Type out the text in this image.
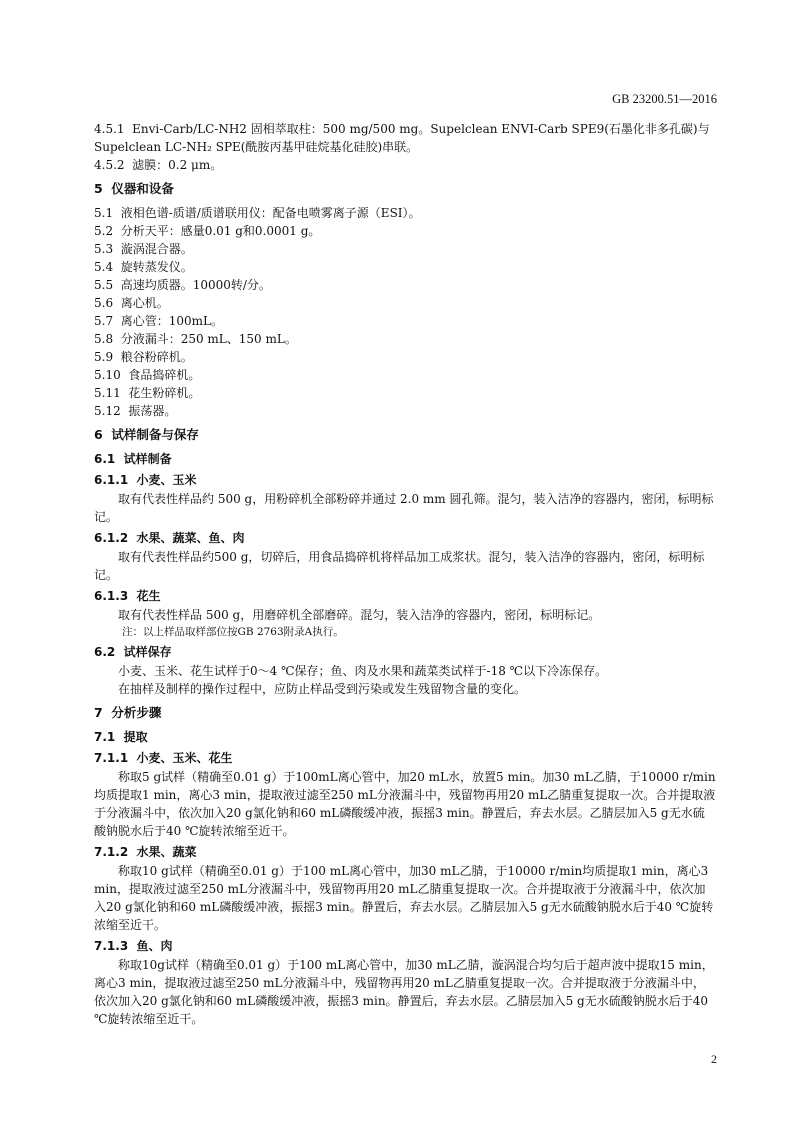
GB 23200.51—2016
4.5.1  Envi-Carb/LC-NH2 固相萃取柱：500 mg/500 mg。Supelclean ENVI-Carb SPE9(石墨化非多孔碳)与Supelclean LC-NH₂ SPE(酰胺丙基甲硅烷基化硅胶)串联。
4.5.2  滤膜：0.2 μm。
5  仪器和设备
5.1  液相色谱-质谱/质谱联用仪：配备电喷雾离子源（ESI）。
5.2  分析天平：感量0.01 g和0.0001 g。
5.3  漩涡混合器。
5.4  旋转蒸发仪。
5.5  高速均质器。10000转/分。
5.6  离心机。
5.7  离心管：100mL。
5.8  分液漏斗：250 mL、150 mL。
5.9  粮谷粉碎机。
5.10  食品捣碎机。
5.11  花生粉碎机。
5.12  振荡器。
6  试样制备与保存
6.1  试样制备
6.1.1  小麦、玉米
取有代表性样品约 500 g，用粉碎机全部粉碎并通过 2.0 mm 圆孔筛。混匀，装入洁净的容器内，密闭，标明标记。
6.1.2  水果、蔬菜、鱼、肉
取有代表性样品约500 g，切碎后，用食品捣碎机将样品加工成浆状。混匀，装入洁净的容器内，密闭，标明标记。
6.1.3  花生
取有代表性样品 500 g，用磨碎机全部磨碎。混匀，装入洁净的容器内，密闭，标明标记。
注：以上样品取样部位按GB 2763附录A执行。
6.2  试样保存
小麦、玉米、花生试样于0～4 ℃保存；鱼、肉及水果和蔬菜类试样于-18 ℃以下冷冻保存。
在抽样及制样的操作过程中，应防止样品受到污染或发生残留物含量的变化。
7  分析步骤
7.1  提取
7.1.1  小麦、玉米、花生
称取5 g试样（精确至0.01 g）于100mL离心管中，加20 mL水，放置5 min。加30 mL乙腈，于10000 r/min均质提取1 min，离心3 min，提取液过滤至250 mL分液漏斗中，残留物再用20 mL乙腈重复提取一次。合并提取液于分液漏斗中，依次加入20 g氯化钠和60 mL磷酸缓冲液，振摇3 min。静置后，弃去水层。乙腈层加入5 g无水硫酸钠脱水后于40 ℃旋转浓缩至近干。
7.1.2  水果、蔬菜
称取10 g试样（精确至0.01 g）于100 mL离心管中，加30 mL乙腈，于10000 r/min均质提取1 min，离心3 min，提取液过滤至250 mL分液漏斗中，残留物再用20 mL乙腈重复提取一次。合并提取液于分液漏斗中，依次加入20 g氯化钠和60 mL磷酸缓冲液，振摇3 min。静置后，弃去水层。乙腈层加入5 g无水硫酸钠脱水后于40 ℃旋转浓缩至近干。
7.1.3  鱼、肉
称取10g试样（精确至0.01 g）于100 mL离心管中，加30 mL乙腈，漩涡混合均匀后于超声波中提取15 min，离心3 min，提取液过滤至250 mL分液漏斗中，残留物再用20 mL乙腈重复提取一次。合并提取液于分液漏斗中，依次加入20 g氯化钠和60 mL磷酸缓冲液，振摇3 min。静置后，弃去水层。乙腈层加入5 g无水硫酸钠脱水后于40 ℃旋转浓缩至近干。
2
